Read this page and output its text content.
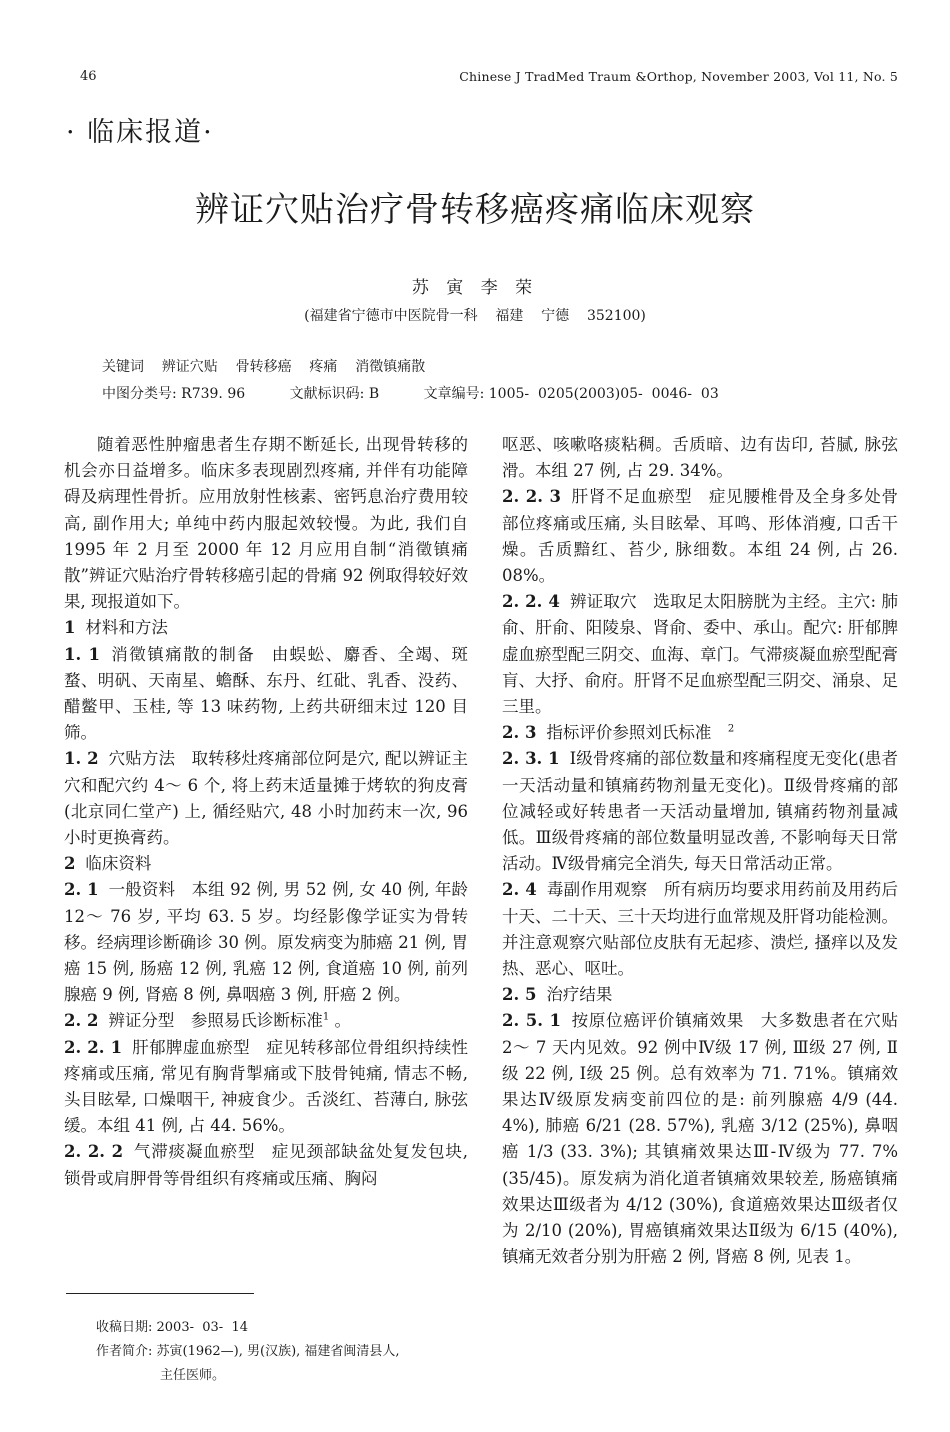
46	Chinese J TradMed Traum &Orthop, November 2003, Vol 11, No. 5
· 临床报道·
辨证穴贴治疗骨转移癌疼痛临床观察
苏 寅 李 荣
(福建省宁德市中医院骨一科    福建    宁德    352100)
关键词    辨证穴贴    骨转移癌    疼痛    消徵镇痛散
中图分类号: R739. 96          文献标识码: B          文章编号: 1005-  0205(2003)05-  0046-  03

随着恶性肿瘤患者生存期不断延长, 出现骨转移的机会亦日益增多。临床多表现剧烈疼痛, 并伴有功能障碍及病理性骨折。应用放射性核素、密钙息治疗费用较高, 副作用大; 单纯中药内服起效较慢。为此, 我们自 1995 年 2 月至 2000 年 12 月应用自制“消徵镇痛散”辨证穴贴治疗骨转移癌引起的骨痛 92 例取得较好效果, 现报道如下。

1 材料和方法

1. 1 消徵镇痛散的制备 由蜈蚣、麝香、全竭、斑蝥、明矾、天南星、蟾酥、东丹、红砒、乳香、没药、醋鳖甲、玉桂, 等 13 味药物, 上药共研细末过 120 目筛。

1. 2 穴贴方法 取转移灶疼痛部位阿是穴, 配以辨证主穴和配穴约 4～ 6 个, 将上药末适量摊于烤软的狗皮膏 (北京同仁堂产) 上, 循经贴穴, 48 小时加药末一次, 96 小时更换膏药。

2 临床资料

2. 1 一般资料 本组 92 例, 男 52 例, 女 40 例, 年龄 12～ 76 岁, 平均 63. 5 岁。均经影像学证实为骨转移。经病理诊断确诊 30 例。原发病变为肺癌 21 例, 胃癌 15 例, 肠癌 12 例, 乳癌 12 例, 食道癌 10 例, 前列腺癌 9 例, 肾癌 8 例, 鼻咽癌 3 例, 肝癌 2 例。

2. 2 辨证分型 参照易氏诊断标准$^1$ 。

2. 2. 1 肝郁脾虚血瘀型 症见转移部位骨组织持续性疼痛或压痛, 常见有胸背掣痛或下肢骨钝痛, 情志不畅, 头目眩晕, 口燥咽干, 神疲食少。舌淡红、苔薄白, 脉弦缓。本组 41 例, 占 44. 56%。

2. 2. 2 气滞痰凝血瘀型 症见颈部缺盆处复发包块, 锁骨或肩胛骨等骨组织有疼痛或压痛、胸闷

呕恶、咳嗽咯痰粘稠。舌质暗、边有齿印, 苔腻, 脉弦滑。本组 27 例, 占 29. 34%。

2. 2. 3 肝肾不足血瘀型 症见腰椎骨及全身多处骨部位疼痛或压痛, 头目眩晕、耳鸣、形体消瘦, 口舌干燥。舌质黯红、苔少, 脉细数。本组 24 例, 占 26. 08%。

2. 2. 4 辨证取穴 选取足太阳膀胱为主经。主穴: 肺俞、肝俞、阳陵泉、肾俞、委中、承山。配穴: 肝郁脾虚血瘀型配三阴交、血海、章门。气滞痰凝血瘀型配膏肓、大抒、俞府。肝肾不足血瘀型配三阴交、涌泉、足三里。

2. 3 指标评价参照刘氏标准 $^2$

2. 3. 1 Ⅰ级骨疼痛的部位数量和疼痛程度无变化(患者一天活动量和镇痛药物剂量无变化)。Ⅱ级骨疼痛的部位减轻或好转患者一天活动量增加, 镇痛药物剂量减低。Ⅲ级骨疼痛的部位数量明显改善, 不影响每天日常活动。Ⅳ级骨痛完全消失, 每天日常活动正常。

2. 4 毒副作用观察 所有病历均要求用药前及用药后十天、二十天、三十天均进行血常规及肝肾功能检测。并注意观察穴贴部位皮肤有无起疹、溃烂, 搔痒以及发热、恶心、呕吐。

2. 5 治疗结果

2. 5. 1 按原位癌评价镇痛效果 大多数患者在穴贴 2～ 7 天内见效。92 例中Ⅳ级 17 例, Ⅲ级 27 例, Ⅱ级 22 例, Ⅰ级 25 例。总有效率为 71. 71%。镇痛效果达Ⅳ级原发病变前四位的是: 前列腺癌 4/9 (44. 4%), 肺癌 6/21 (28. 57%), 乳癌 3/12 (25%), 鼻咽癌 1/3 (33. 3%); 其镇痛效果达Ⅲ-Ⅳ级为 77. 7% (35/45)。原发病为消化道者镇痛效果较差, 肠癌镇痛效果达Ⅲ级者为 4/12 (30%), 食道癌效果达Ⅲ级者仅为 2/10 (20%), 胃癌镇痛效果达Ⅱ级为 6/15 (40%), 镇痛无效者分别为肝癌 2 例, 肾癌 8 例, 见表 1。

收稿日期: 2003-  03-  14
作者简介: 苏寅(1962—), 男(汉族), 福建省闽清县人,
主任医师。
